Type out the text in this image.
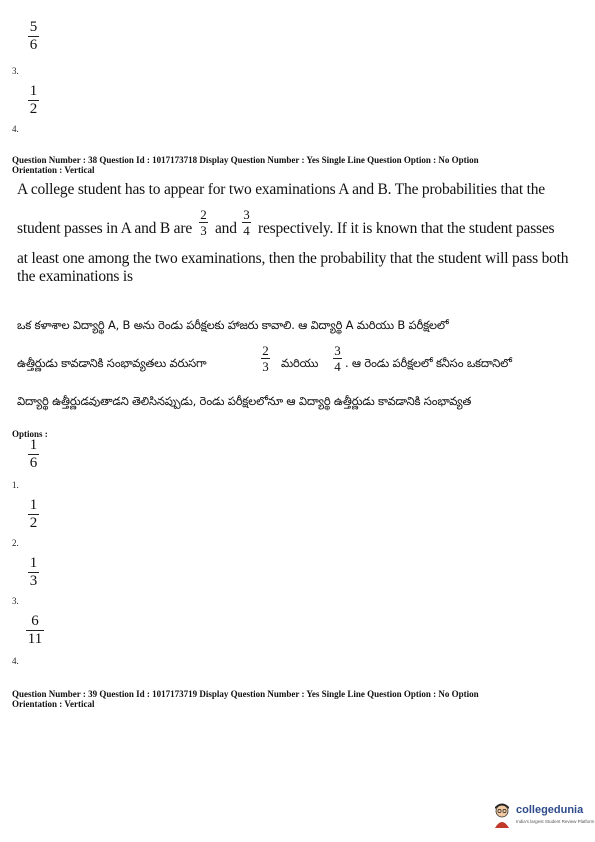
5
6
3.
1
2
4.
Question Number : 38 Question Id : 1017173718 Display Question Number : Yes Single Line Question Option : No Option
Orientation : Vertical
A college student has to appear for two examinations A and B. The probabilities that the
student passes in A and B are
2
3 and
3
4 respectively. If it is known that the student passes
at least one among the two examinations, then the probability that the student will pass both
the examinations is
ఒక కళాశాల విద్యార్థి A, B అను రెండు పరీక్షలకు హాజరు కావాలి. ఆ విద్యార్థి A మరియు B పరీక్షలలో
ఉత్తీర్ణుడు కావడానికి సంభావ్యతలు వరుసగా
2
3 మరియు
3
4 . ఆ రెండు పరీక్షలలో కనీసం ఒకదానిలో
విద్యార్థి ఉత్తీర్ణుడవుతాడని తెలిసినప్పుడు, రెండు పరీక్షలలోనూ ఆ విద్యార్థి ఉత్తీర్ణుడు కావడానికి సంభావ్యత
Options :
1
6
1.
1
2
2.
1
3
3.
6
11
4.
Question Number : 39 Question Id : 1017173719 Display Question Number : Yes Single Line Question Option : No Option
Orientation : Vertical
collegedunia
India's largest Student Review Platform
